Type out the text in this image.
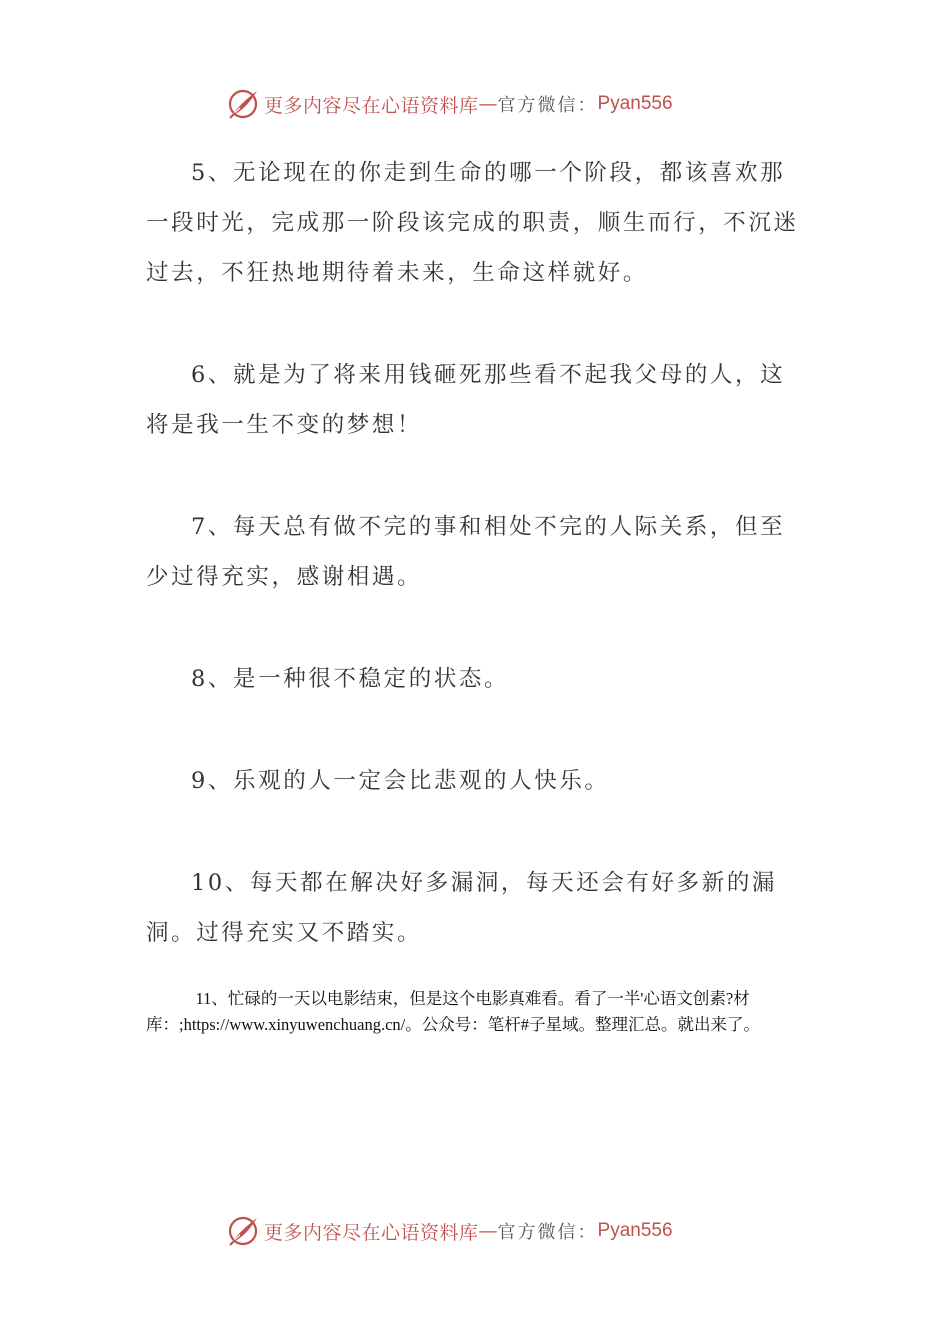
更多内容尽在心语资料库 — 官方微信： Pyan556

5、无论现在的你走到生命的哪一个阶段，都该喜欢那一段时光，完成那一阶段该完成的职责，顺生而行，不沉迷过去，不狂热地期待着未来，生命这样就好。

6、就是为了将来用钱砸死那些看不起我父母的人，这将是我一生不变的梦想！

7、每天总有做不完的事和相处不完的人际关系，但至少过得充实，感谢相遇。

8、是一种很不稳定的状态。

9、乐观的人一定会比悲观的人快乐。

10、每天都在解决好多漏洞，每天还会有好多新的漏洞。过得充实又不踏实。

11、忙碌的一天以电影结束，但是这个电影真难看。看了一半'心语文创素?材库：;https://www.xinyuwenchuang.cn/。公众号：笔杆#子星域。整理汇总。就出来了。

更多内容尽在心语资料库 — 官方微信： Pyan556
